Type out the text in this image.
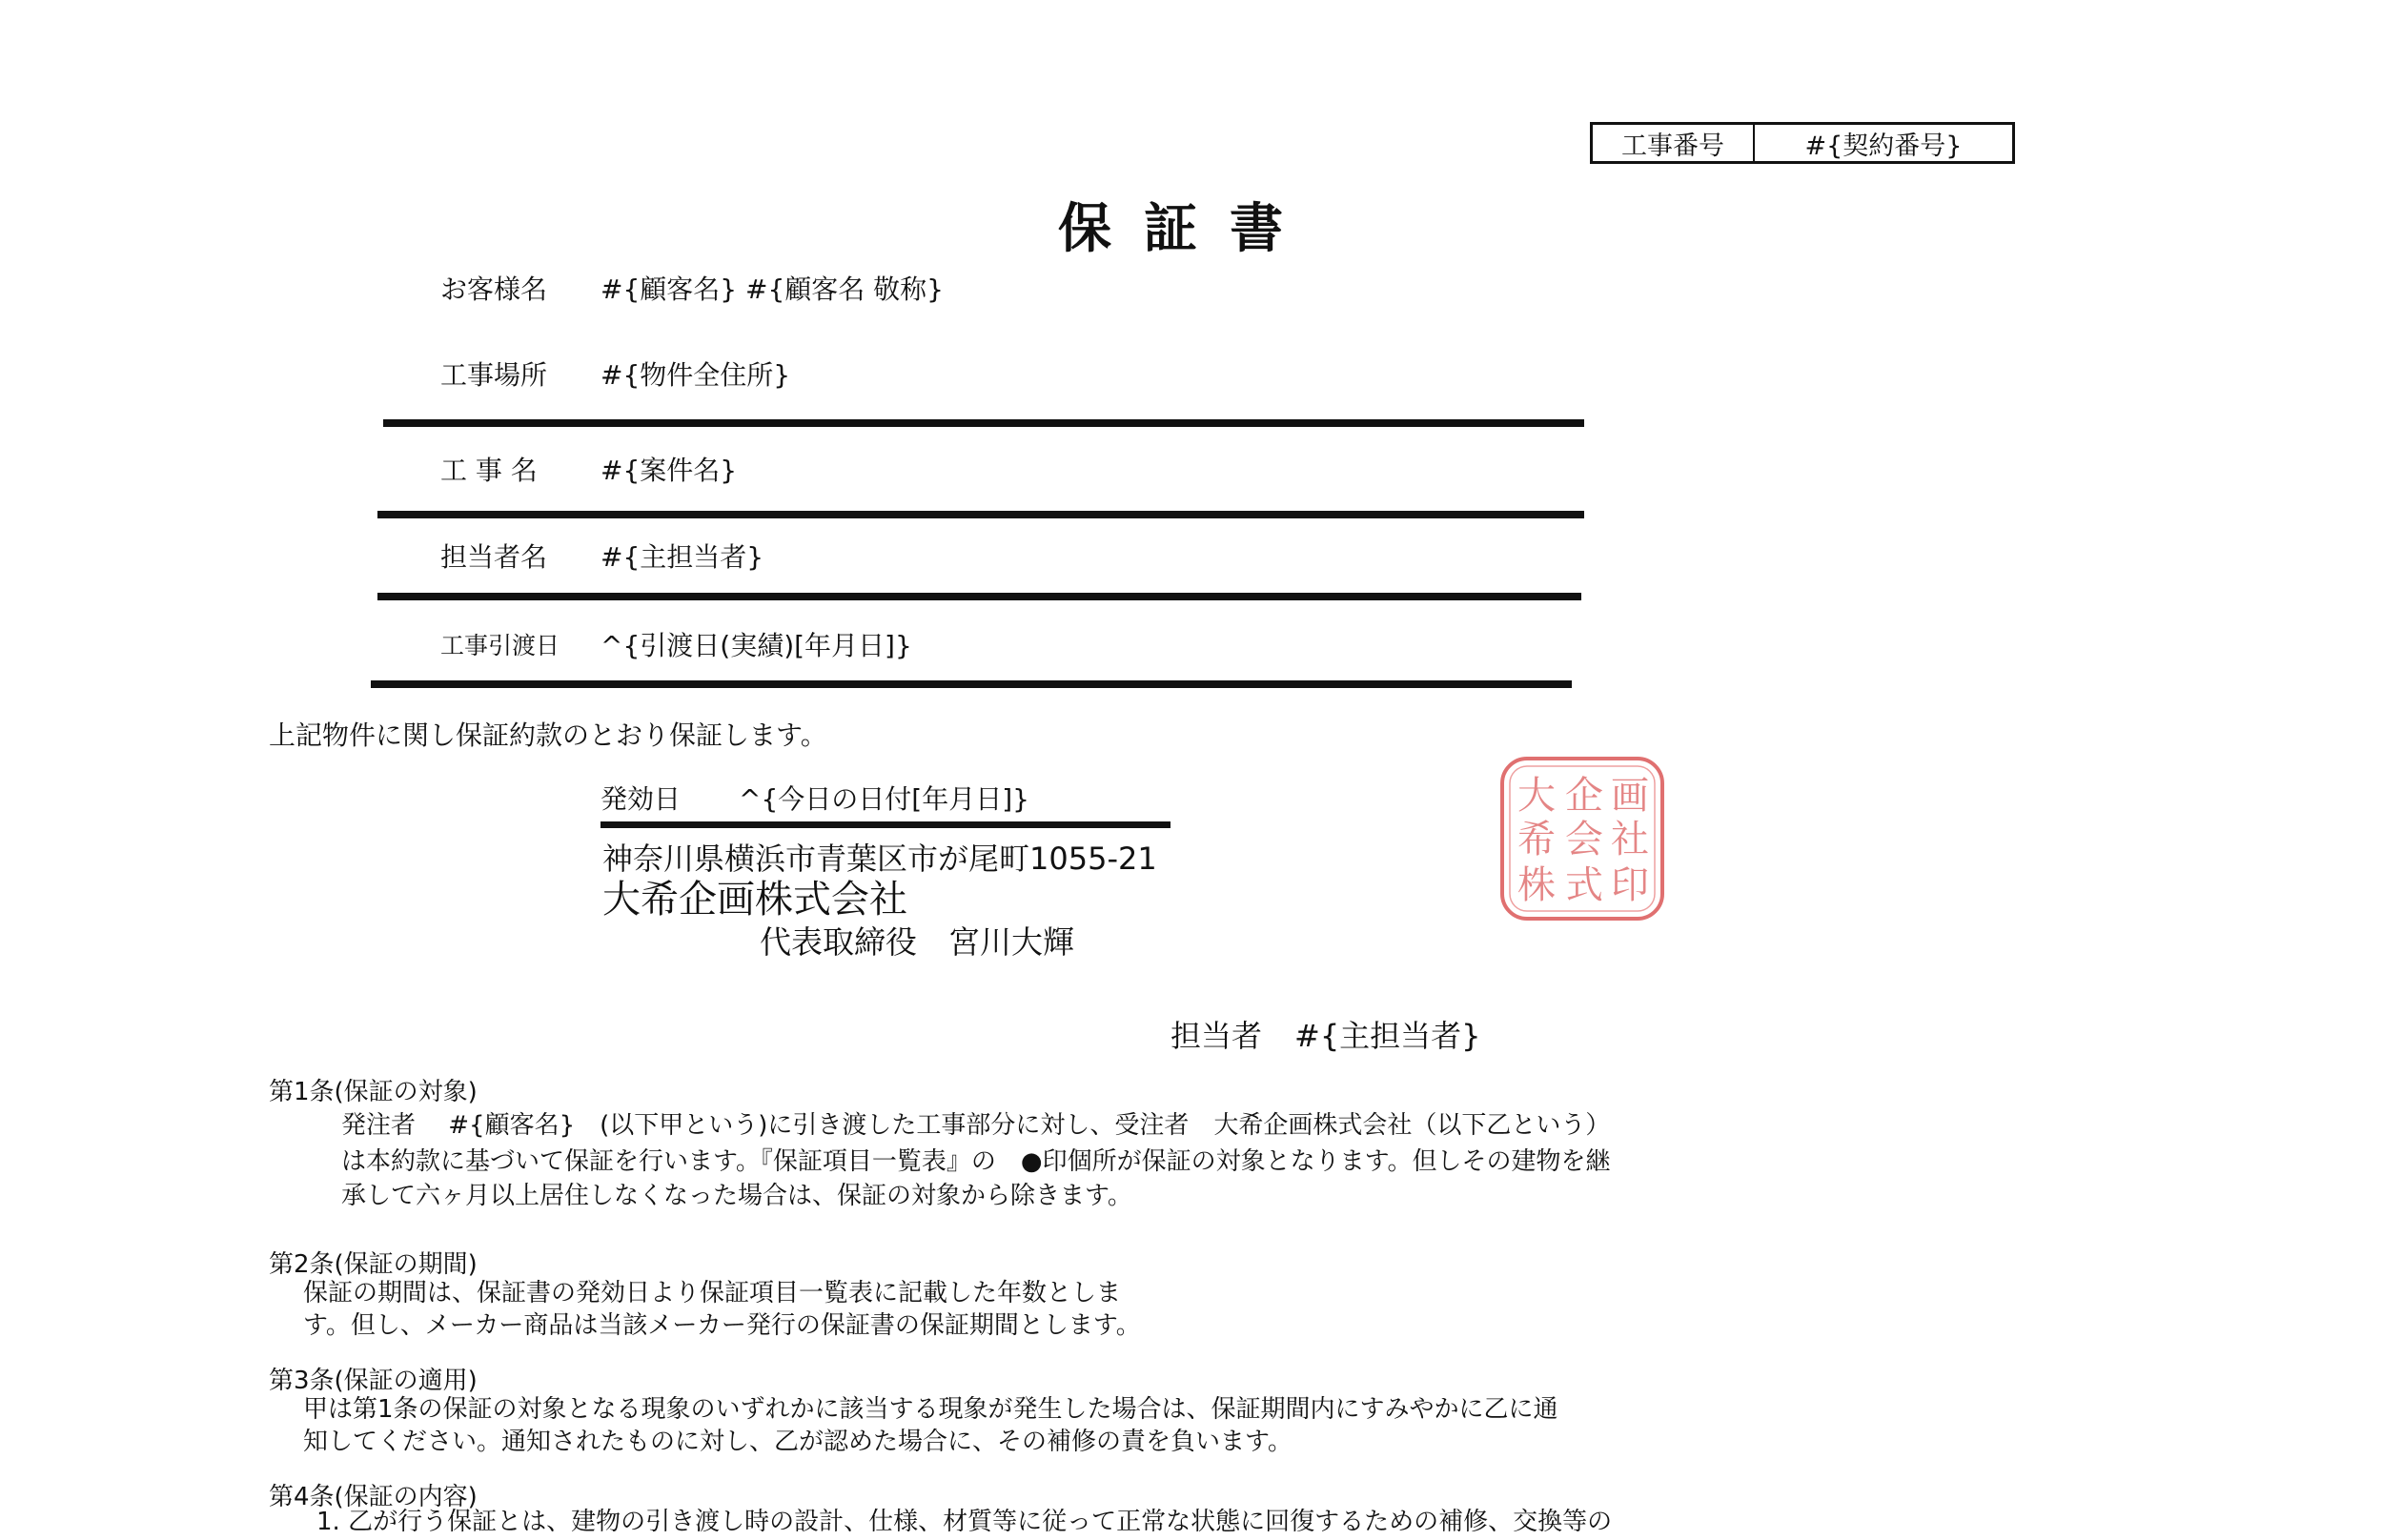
工事番号	#{契約番号}
保証書
お客様名 #{顧客名} #{顧客名 敬称}
工事場所 #{物件全住所}
工 事 名 #{案件名}
担当者名 #{主担当者}
工事引渡日 ^{引渡日(実績)[年月日]}
上記物件に関し保証約款のとおり保証します。
発効日 ^{今日の日付[年月日]}
神奈川県横浜市青葉区市が尾町1055-21
大希企画株式会社
代表取締役　宮川大輝
画
社
企
会
大
希
株 式 印
担当者 #{主担当者}
第1条(保証の対象)
発注者　 #{顧客名}　(以下甲という)に引き渡した工事部分に対し、受注者　大希企画株式会社（以下乙という）
は本約款に基づいて保証を行います。『保証項目一覧表』の　●印個所が保証の対象となります。但しその建物を継
承して六ヶ月以上居住しなくなった場合は、保証の対象から除きます。
第2条(保証の期間)
保証の期間は、保証書の発効日より保証項目一覧表に記載した年数としま
す。但し、メーカー商品は当該メーカー発行の保証書の保証期間とします。
第3条(保証の適用)
甲は第1条の保証の対象となる現象のいずれかに該当する現象が発生した場合は、保証期間内にすみやかに乙に通
知してください。通知されたものに対し、乙が認めた場合に、その補修の責を負います。
第4条(保証の内容)
1. 乙が行う保証とは、建物の引き渡し時の設計、仕様、材質等に従って正常な状態に回復するための補修、交換等の
